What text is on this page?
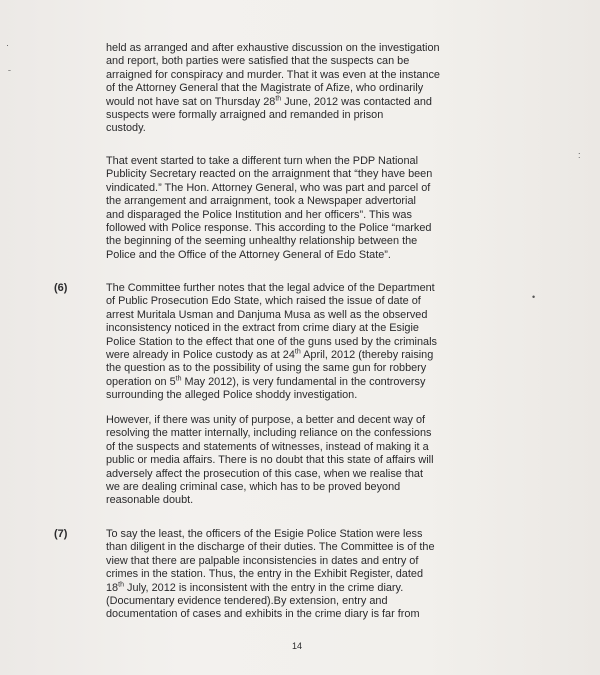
held as arranged and after exhaustive discussion on the investigation
and report, both parties were satisfied that the suspects can be
arraigned for conspiracy and murder. That it was even at the instance
of the Attorney General that the Magistrate of Afize, who ordinarily
would not have sat on Thursday 28th June, 2012 was contacted and
suspects were formally arraigned and remanded in prison
custody.
That event started to take a different turn when the PDP National
Publicity Secretary reacted on the arraignment that “they have been
vindicated.” The Hon. Attorney General, who was part and parcel of
the arrangement and arraignment, took a Newspaper advertorial
and disparaged the Police Institution and her officers”. This was
followed with Police response. This according to the Police “marked
the beginning of the seeming unhealthy relationship between the
Police and the Office of the Attorney General of Edo State”.
(6)	The Committee further notes that the legal advice of the Department
of Public Prosecution Edo State, which raised the issue of date of
arrest Muritala Usman and Danjuma Musa as well as the observed
inconsistency noticed in the extract from crime diary at the Esigie
Police Station to the effect that one of the guns used by the criminals
were already in Police custody as at 24th April, 2012 (thereby raising
the question as to the possibility of using the same gun for robbery
operation on 5th May 2012), is very fundamental in the controversy
surrounding the alleged Police shoddy investigation.
However, if there was unity of purpose, a better and decent way of
resolving the matter internally, including reliance on the confessions
of the suspects and statements of witnesses, instead of making it a
public or media affairs. There is no doubt that this state of affairs will
adversely affect the prosecution of this case, when we realise that
we are dealing criminal case, which has to be proved beyond
reasonable doubt.
(7)	To say the least, the officers of the Esigie Police Station were less
than diligent in the discharge of their duties. The Committee is of the
view that there are palpable inconsistencies in dates and entry of
crimes in the station. Thus, the entry in the Exhibit Register, dated
18th July, 2012 is inconsistent with the entry in the crime diary.
(Documentary evidence tendered).By extension, entry and
documentation of cases and exhibits in the crime diary is far from
14
·
ˉ
•
:
